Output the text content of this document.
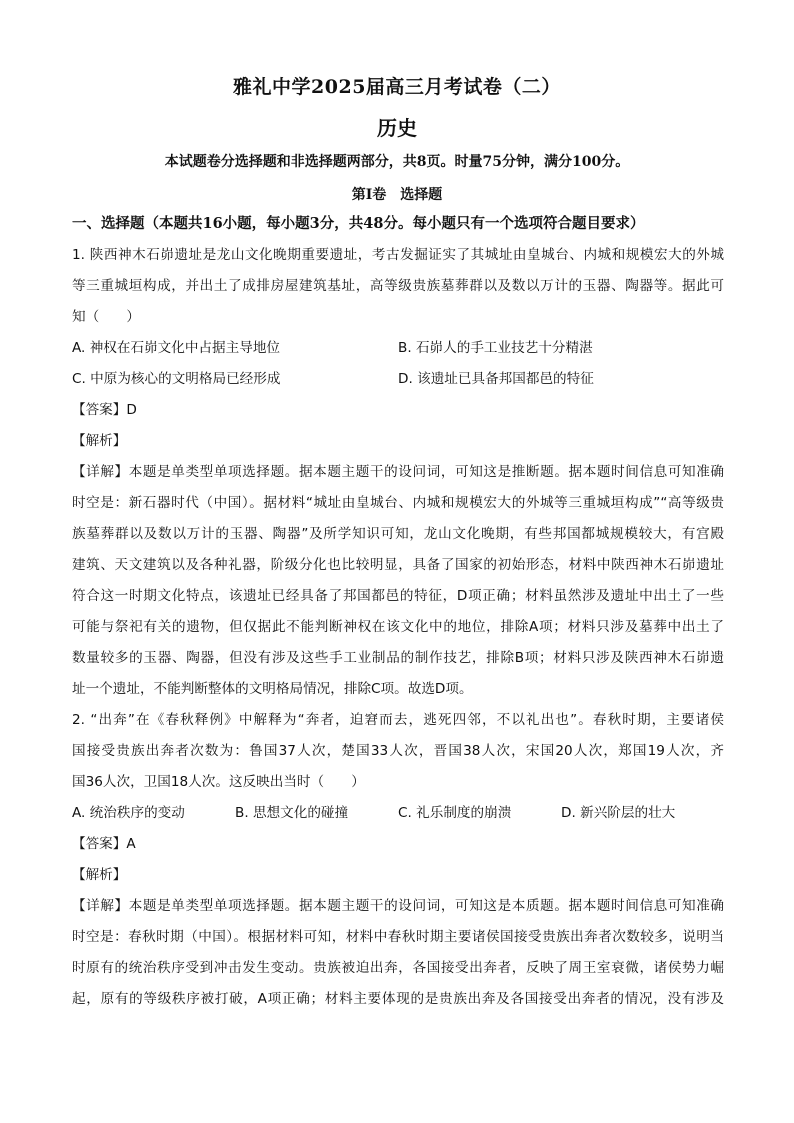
雅礼中学2025届高三月考试卷（二）
历史
本试题卷分选择题和非选择题两部分，共8页。时量75分钟，满分100分。
第Ⅰ卷　选择题
一、选择题（本题共16小题，每小题3分，共48分。每小题只有一个选项符合题目要求）
1. 陕西神木石峁遗址是龙山文化晚期重要遗址，考古发掘证实了其城址由皇城台、内城和规模宏大的外城
等三重城垣构成，并出土了成排房屋建筑基址，高等级贵族墓葬群以及数以万计的玉器、陶器等。据此可
知（　　）
A. 神权在石峁文化中占据主导地位	B. 石峁人的手工业技艺十分精湛
C. 中原为核心的文明格局已经形成	D. 该遗址已具备邦国都邑的特征
【答案】D
【解析】
【详解】本题是单类型单项选择题。据本题主题干的设问词，可知这是推断题。据本题时间信息可知准确
时空是：新石器时代（中国）。据材料“城址由皇城台、内城和规模宏大的外城等三重城垣构成”“高等级贵
族墓葬群以及数以万计的玉器、陶器”及所学知识可知，龙山文化晚期，有些邦国都城规模较大，有宫殿
建筑、天文建筑以及各种礼器，阶级分化也比较明显，具备了国家的初始形态，材料中陕西神木石峁遗址
符合这一时期文化特点，该遗址已经具备了邦国都邑的特征，D项正确；材料虽然涉及遗址中出土了一些
可能与祭祀有关的遗物，但仅据此不能判断神权在该文化中的地位，排除A项；材料只涉及墓葬中出土了
数量较多的玉器、陶器，但没有涉及这些手工业制品的制作技艺，排除B项；材料只涉及陕西神木石峁遗
址一个遗址，不能判断整体的文明格局情况，排除C项。故选D项。
2. “出奔”在《春秋释例》中解释为“奔者，迫窘而去，逃死四邻，不以礼出也”。春秋时期，主要诸侯
国接受贵族出奔者次数为：鲁国37人次，楚国33人次，晋国38人次，宋国20人次，郑国19人次，齐
国36人次，卫国18人次。这反映出当时（　　）
A. 统治秩序的变动	B. 思想文化的碰撞	C. 礼乐制度的崩溃	D. 新兴阶层的壮大
【答案】A
【解析】
【详解】本题是单类型单项选择题。据本题主题干的设问词，可知这是本质题。据本题时间信息可知准确
时空是：春秋时期（中国）。根据材料可知，材料中春秋时期主要诸侯国接受贵族出奔者次数较多，说明当
时原有的统治秩序受到冲击发生变动。贵族被迫出奔，各国接受出奔者，反映了周王室衰微，诸侯势力崛
起，原有的等级秩序被打破，A项正确；材料主要体现的是贵族出奔及各国接受出奔者的情况，没有涉及
